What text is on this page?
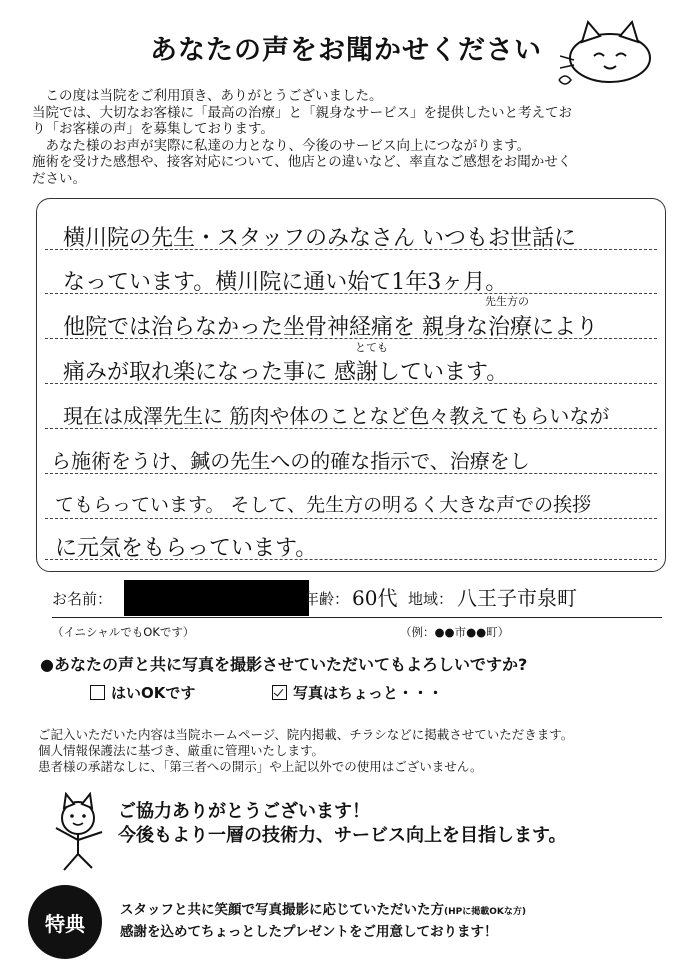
あなたの声をお聞かせください

　この度は当院をご利用頂き、ありがとうございました。

当院では、大切なお客様に「最高の治療」と「親身なサービス」を提供したいと考えてお

り「お客様の声」を募集しております。

　あなた様のお声が実際に私達の力となり、今後のサービス向上につながります。

施術を受けた感想や、接客対応について、他店との違いなど、率直なご感想をお聞かせく

ださい。

横川院の先生・スタッフのみなさん いつもお世話に
なっています。横川院に通い始て1年3ヶ月。
先生方の
他院では治らなかった坐骨神経痛を 親身な治療により
とても
痛みが取れ楽になった事に 感謝しています。
現在は成澤先生に 筋肉や体のことなど色々教えてもらいなが
ら施術をうけ、鍼の先生への的確な指示で、治療をし
てもらっています。 そして、先生方の明るく大きな声での挨拶
に元気をもらっています。
お名前：	年齢： 60代 地域： 八王子市泉町
（イニシャルでもOKです）	（例：●●市●●町）
●あなたの声と共に写真を撮影させていただいてもよろしいですか?
はいOKです	写真はちょっと・・・

ご記入いただいた内容は当院ホームページ、院内掲載、チラシなどに掲載させていただきます。

個人情報保護法に基づき、厳重に管理いたします。

患者様の承諾なしに、「第三者への開示」や上記以外での使用はございません。

ご協力ありがとうございます！

今後もより一層の技術力、サービス向上を目指します。

特典

スタッフと共に笑顔で写真撮影に応じていただいた方(HPに掲載OKな方)

感謝を込めてちょっとしたプレゼントをご用意しております！
